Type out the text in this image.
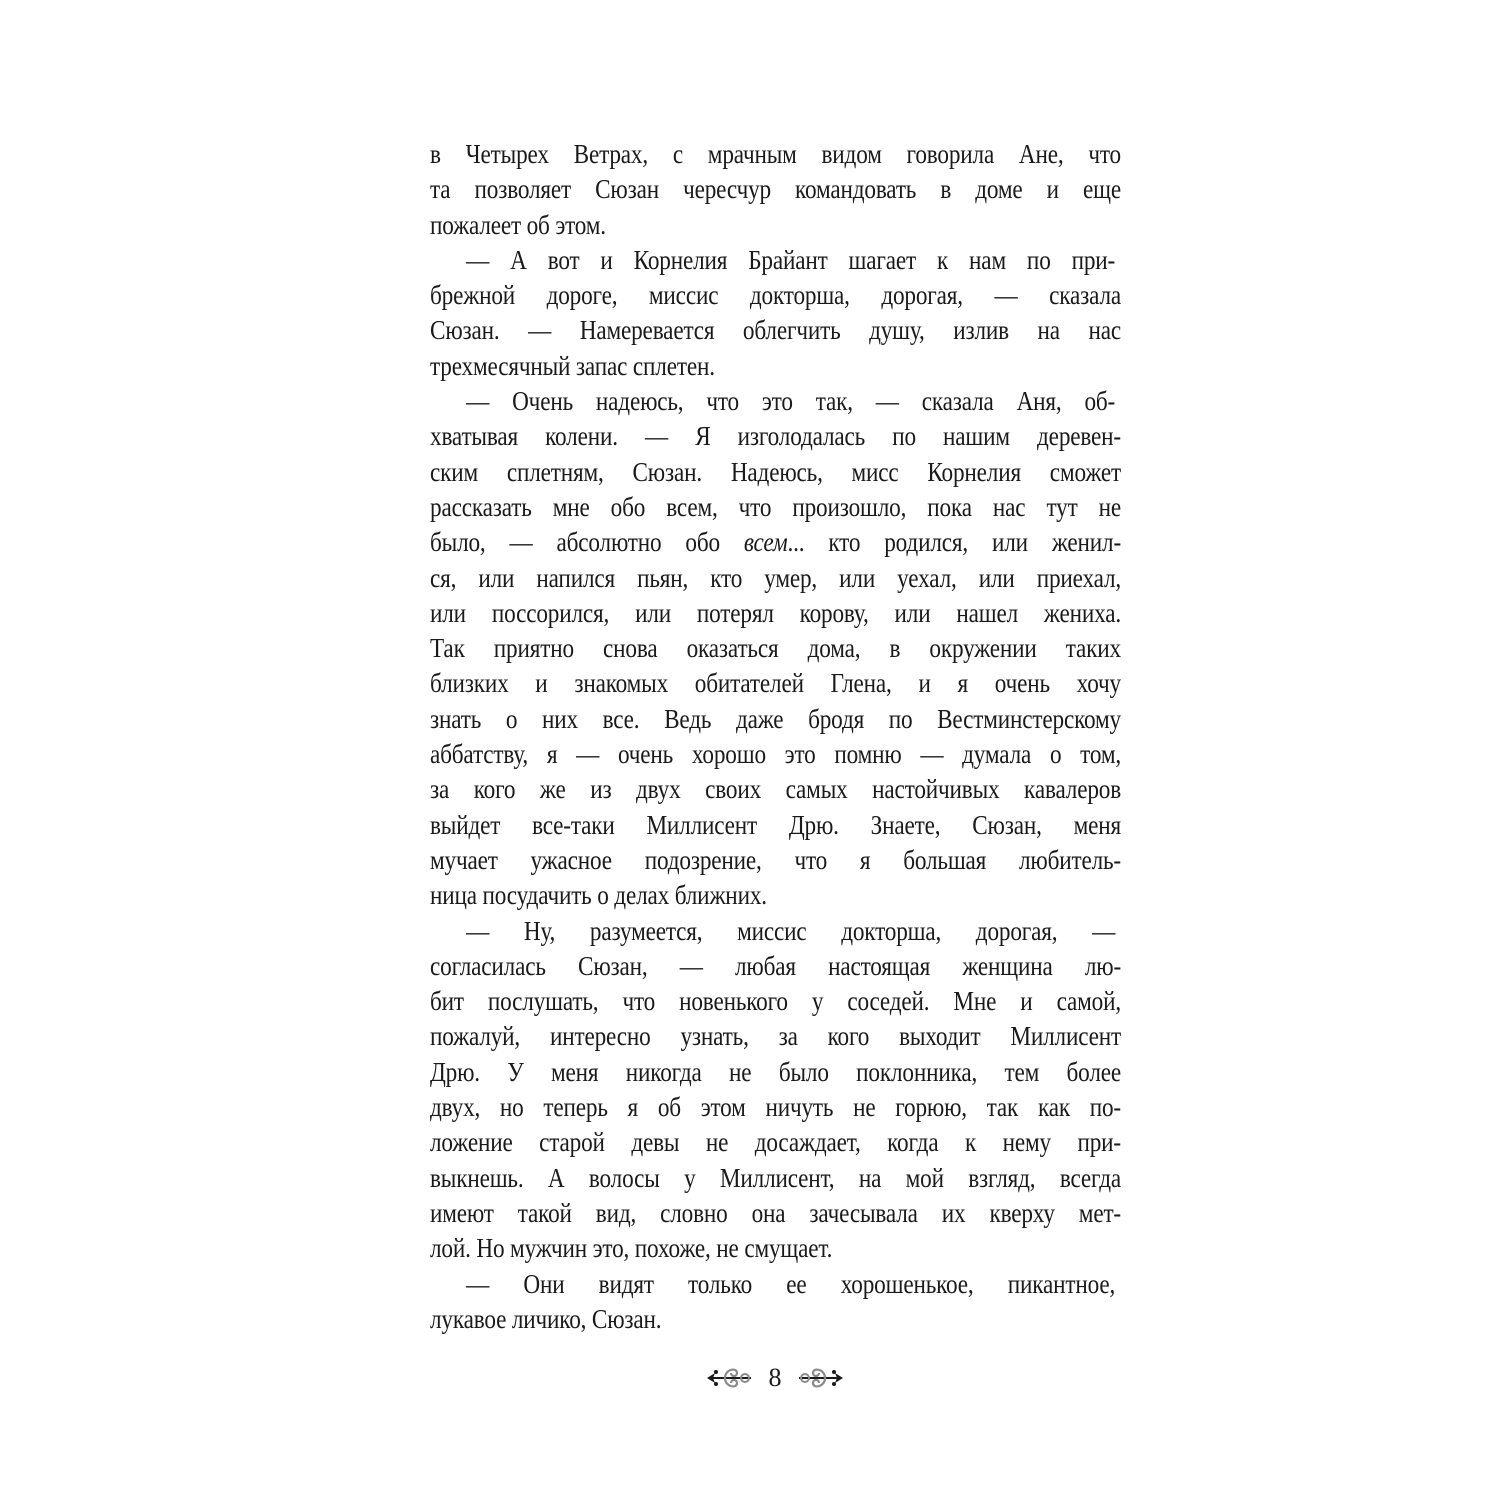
в Четырех Ветрах, с мрачным видом говорила Ане, что
та позволяет Сюзан чересчур командовать в доме и еще
пожалеет об этом.
— А вот и Корнелия Брайант шагает к нам по при-
брежной дороге, миссис докторша, дорогая, — сказала
Сюзан. — Намеревается облегчить душу, излив на нас
трехмесячный запас сплетен.
— Очень надеюсь, что это так, — сказала Аня, об-
хватывая колени. — Я изголодалась по нашим деревен-
ским сплетням, Сюзан. Надеюсь, мисс Корнелия сможет
рассказать мне обо всем, что произошло, пока нас тут не
было, — абсолютно обо всем... кто родился, или женил-
ся, или напился пьян, кто умер, или уехал, или приехал,
или поссорился, или потерял корову, или нашел жениха.
Так приятно снова оказаться дома, в окружении таких
близких и знакомых обитателей Глена, и я очень хочу
знать о них все. Ведь даже бродя по Вестминстерскому
аббатству, я — очень хорошо это помню — думала о том,
за кого же из двух своих самых настойчивых кавалеров
выйдет все-таки Миллисент Дрю. Знаете, Сюзан, меня
мучает ужасное подозрение, что я большая любитель-
ница посудачить о делах ближних.
— Ну, разумеется, миссис докторша, дорогая, —
согласилась Сюзан, — любая настоящая женщина лю-
бит послушать, что новенького у соседей. Мне и самой,
пожалуй, интересно узнать, за кого выходит Миллисент
Дрю. У меня никогда не было поклонника, тем более
двух, но теперь я об этом ничуть не горюю, так как по-
ложение старой девы не досаждает, когда к нему при-
выкнешь. А волосы у Миллисент, на мой взгляд, всегда
имеют такой вид, словно она зачесывала их кверху мет-
лой. Но мужчин это, похоже, не смущает.
— Они видят только ее хорошенькое, пикантное,
лукавое личико, Сюзан.
8
